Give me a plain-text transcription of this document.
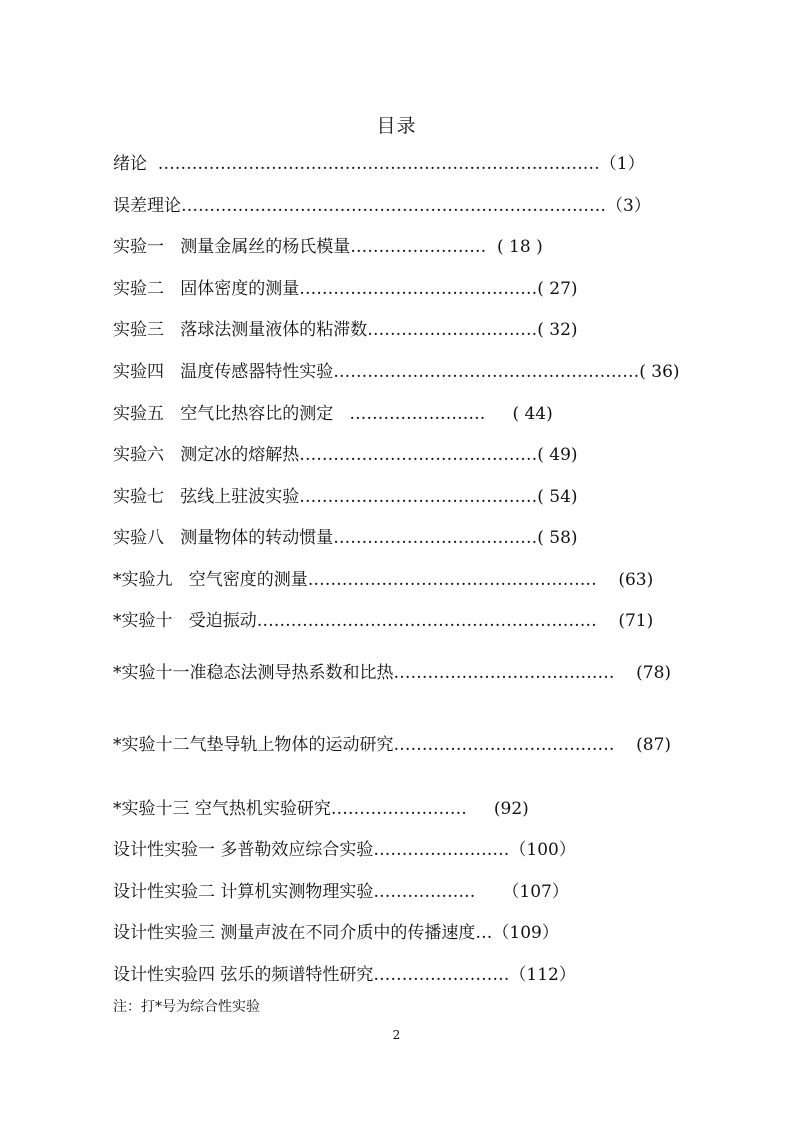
目录
绪论  ……………………………………………………………………（1）
误差理论…………………………………………………………………（3）
实验一   测量金属丝的杨氏模量……………………  ( 18 )
实验二   固体密度的测量……………………………………( 27)
实验三   落球法测量液体的粘滞数…………………………( 32)
实验四   温度传感器特性实验………………………………………………( 36)
实验五   空气比热容比的测定   ……………………     ( 44)
实验六   测定冰的熔解热……………………………………( 49)
实验七   弦线上驻波实验……………………………………( 54)
实验八   测量物体的转动惯量………………………………( 58)
*实验九   空气密度的测量……………………………………………    (63)
*实验十   受迫振动……………………………………………………    (71)
*实验十一准稳态法测导热系数和比热…………………………………    (78)
*实验十二气垫导轨上物体的运动研究…………………………………    (87)
*实验十三 空气热机实验研究……………………     (92)
设计性实验一 多普勒效应综合实验……………………（100）
设计性实验二 计算机实测物理实验………………     （107）
设计性实验三 测量声波在不同介质中的传播速度…（109）
设计性实验四 弦乐的频谱特性研究……………………（112）
注：打*号为综合性实验
2
